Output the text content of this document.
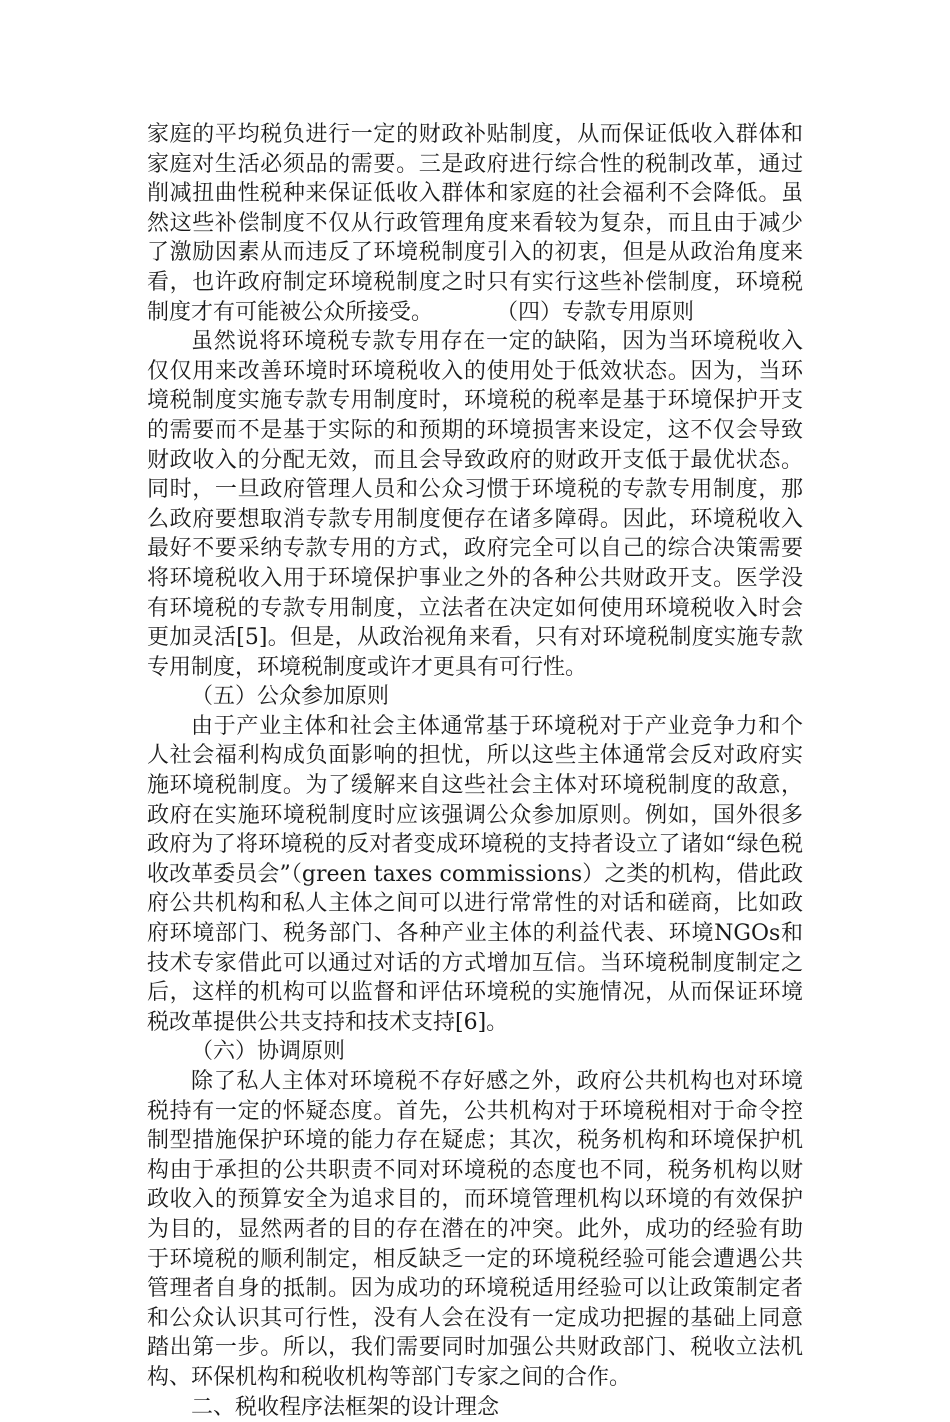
家庭的平均税负进行一定的财政补贴制度，从而保证低收入群体和家庭对生活必须品的需要。三是政府进行综合性的税制改革，通过削减扭曲性税种来保证低收入群体和家庭的社会福利不会降低。虽然这些补偿制度不仅从行政管理角度来看较为复杂，而且由于减少了激励因素从而违反了环境税制度引入的初衷，但是从政治角度来看，也许政府制定环境税制度之时只有实行这些补偿制度，环境税制度才有可能被公众所接受。	（四）专款专用原则

虽然说将环境税专款专用存在一定的缺陷，因为当环境税收入仅仅用来改善环境时环境税收入的使用处于低效状态。因为，当环境税制度实施专款专用制度时，环境税的税率是基于环境保护开支的需要而不是基于实际的和预期的环境损害来设定，这不仅会导致财政收入的分配无效，而且会导致政府的财政开支低于最优状态。同时，一旦政府管理人员和公众习惯于环境税的专款专用制度，那么政府要想取消专款专用制度便存在诸多障碍。因此，环境税收入最好不要采纳专款专用的方式，政府完全可以自己的综合决策需要将环境税收入用于环境保护事业之外的各种公共财政开支。医学没有环境税的专款专用制度，立法者在决定如何使用环境税收入时会更加灵活[5]。但是，从政治视角来看，只有对环境税制度实施专款专用制度，环境税制度或许才更具有可行性。

（五）公众参加原则

由于产业主体和社会主体通常基于环境税对于产业竞争力和个人社会福利构成负面影响的担忧，所以这些主体通常会反对政府实施环境税制度。为了缓解来自这些社会主体对环境税制度的敌意，政府在实施环境税制度时应该强调公众参加原则。例如，国外很多政府为了将环境税的反对者变成环境税的支持者设立了诸如“绿色税收改革委员会”（green taxes commissions）之类的机构，借此政府公共机构和私人主体之间可以进行常常性的对话和磋商，比如政府环境部门、税务部门、各种产业主体的利益代表、环境NGOs和技术专家借此可以通过对话的方式增加互信。当环境税制度制定之后，这样的机构可以监督和评估环境税的实施情况，从而保证环境税改革提供公共支持和技术支持[6]。

（六）协调原则

除了私人主体对环境税不存好感之外，政府公共机构也对环境税持有一定的怀疑态度。首先，公共机构对于环境税相对于命令控制型措施保护环境的能力存在疑虑；其次，税务机构和环境保护机构由于承担的公共职责不同对环境税的态度也不同，税务机构以财政收入的预算安全为追求目的，而环境管理机构以环境的有效保护为目的，显然两者的目的存在潜在的冲突。此外，成功的经验有助于环境税的顺利制定，相反缺乏一定的环境税经验可能会遭遇公共管理者自身的抵制。因为成功的环境税适用经验可以让政策制定者和公众认识其可行性，没有人会在没有一定成功把握的基础上同意踏出第一步。所以，我们需要同时加强公共财政部门、税收立法机构、环保机构和税收机构等部门专家之间的合作。

二、税收程序法框架的设计理念
